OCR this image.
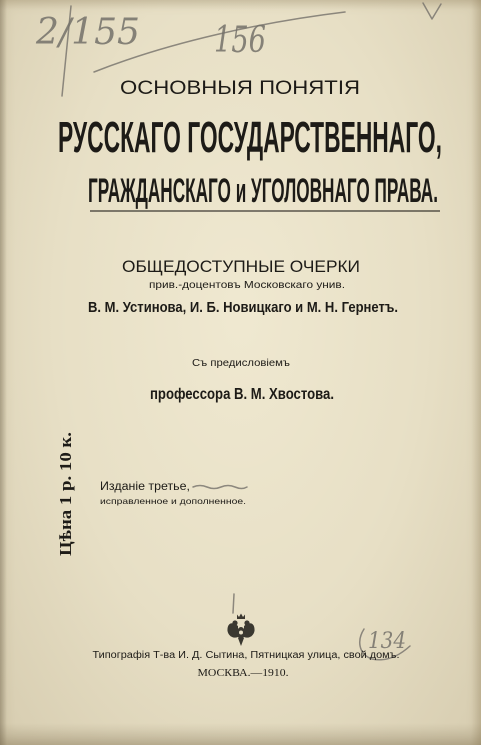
2/155 156
134
ОСНОВНЫЯ ПОНЯТІЯ
РУССКАГО ГОСУДАРСТВЕННАГО,
ГРАЖДАНСКАГО и УГОЛОВНАГО ПРАВА.
ОБЩЕДОСТУПНЫЕ ОЧЕРКИ
прив.-доцентовъ Московскаго унив.
В. М. Устинова, И. Б. Новицкаго и М. Н. Гернетъ.
Съ предисловіемъ
профессора В. М. Хвостова.
Цѣна 1 р. 10 к. Изданіе третье,
исправленное и дополненное.
Типографія Т-ва И. Д. Сытина, Пятницкая улица, свой домъ.
МОСКВА.—1910.
